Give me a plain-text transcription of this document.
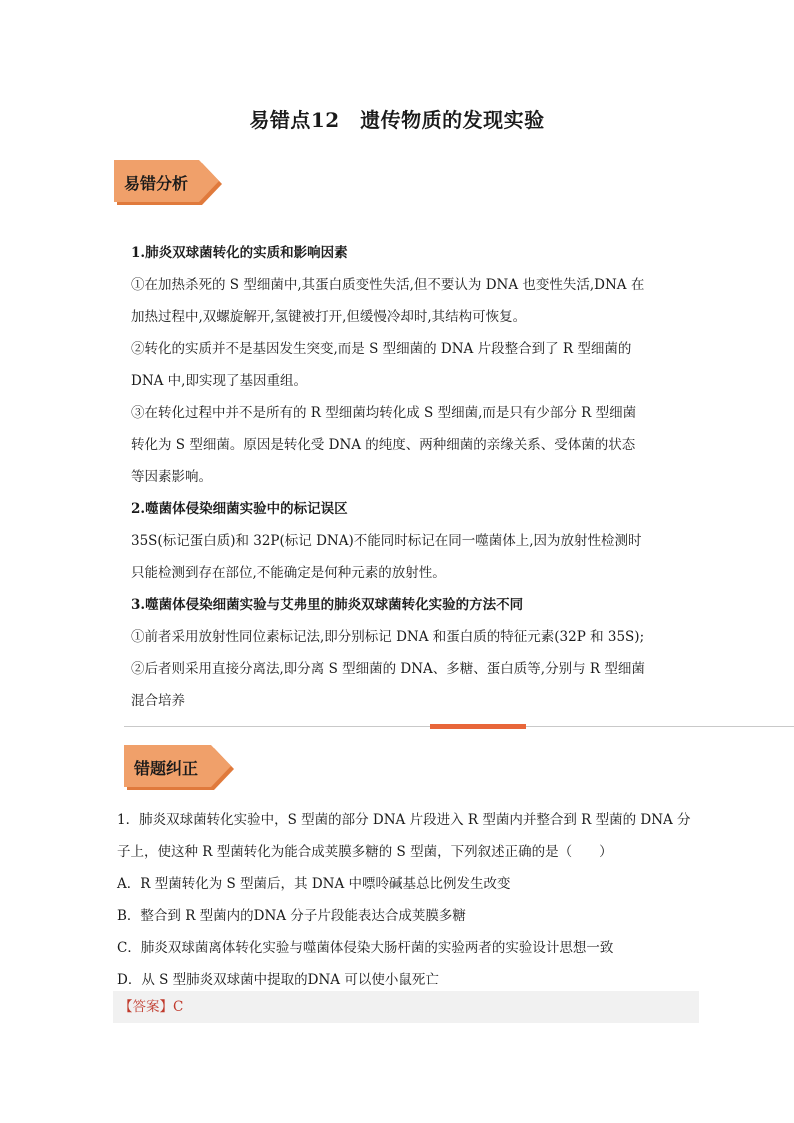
易错点12　遗传物质的发现实验
易错分析

1.肺炎双球菌转化的实质和影响因素

①在加热杀死的 S 型细菌中,其蛋白质变性失活,但不要认为 DNA 也变性失活,DNA 在

加热过程中,双螺旋解开,氢键被打开,但缓慢冷却时,其结构可恢复。

②转化的实质并不是基因发生突变,而是 S 型细菌的 DNA 片段整合到了 R 型细菌的

DNA 中,即实现了基因重组。

③在转化过程中并不是所有的 R 型细菌均转化成 S 型细菌,而是只有少部分 R 型细菌

转化为 S 型细菌。原因是转化受 DNA 的纯度、两种细菌的亲缘关系、受体菌的状态

等因素影响。

2.噬菌体侵染细菌实验中的标记误区

35S(标记蛋白质)和 32P(标记 DNA)不能同时标记在同一噬菌体上,因为放射性检测时

只能检测到存在部位,不能确定是何种元素的放射性。

3.噬菌体侵染细菌实验与艾弗里的肺炎双球菌转化实验的方法不同

①前者采用放射性同位素标记法,即分别标记 DNA 和蛋白质的特征元素(32P 和 35S);

②后者则采用直接分离法,即分离 S 型细菌的 DNA、多糖、蛋白质等,分别与 R 型细菌

混合培养

错题纠正

1．肺炎双球菌转化实验中，S 型菌的部分 DNA 片段进入 R 型菌内并整合到 R 型菌的 DNA 分

子上，使这种 R 型菌转化为能合成荚膜多糖的 S 型菌，下列叙述正确的是（　　）

A．R 型菌转化为 S 型菌后，其 DNA 中嘌呤碱基总比例发生改变

B．整合到 R 型菌内的DNA 分子片段能表达合成荚膜多糖

C．肺炎双球菌离体转化实验与噬菌体侵染大肠杆菌的实验两者的实验设计思想一致

D．从 S 型肺炎双球菌中提取的DNA 可以使小鼠死亡

【答案】C
